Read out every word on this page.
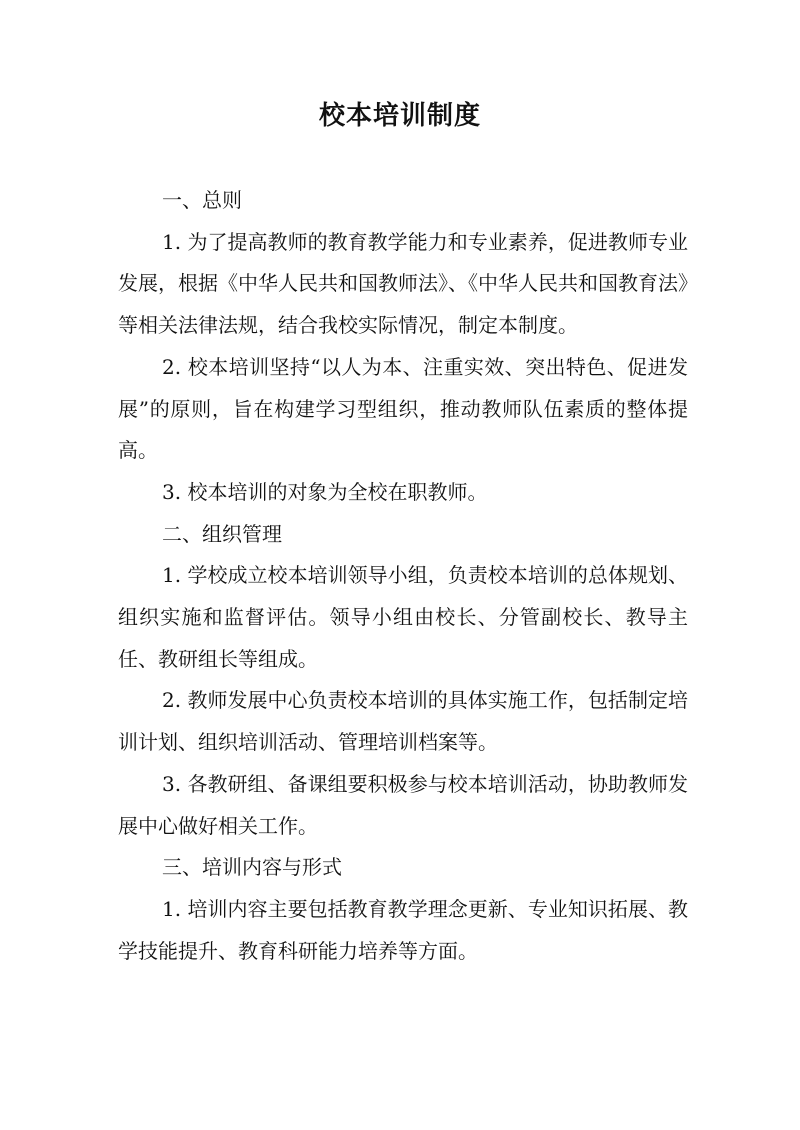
校本培训制度

一、总则

1. 为了提高教师的教育教学能力和专业素养，促进教师专业发展，根据《中华人民共和国教师法》、《中华人民共和国教育法》等相关法律法规，结合我校实际情况，制定本制度。

2. 校本培训坚持“以人为本、注重实效、突出特色、促进发展”的原则，旨在构建学习型组织，推动教师队伍素质的整体提高。

3. 校本培训的对象为全校在职教师。

二、组织管理

1. 学校成立校本培训领导小组，负责校本培训的总体规划、组织实施和监督评估。领导小组由校长、分管副校长、教导主任、教研组长等组成。

2. 教师发展中心负责校本培训的具体实施工作，包括制定培训计划、组织培训活动、管理培训档案等。

3. 各教研组、备课组要积极参与校本培训活动，协助教师发展中心做好相关工作。

三、培训内容与形式

1. 培训内容主要包括教育教学理念更新、专业知识拓展、教学技能提升、教育科研能力培养等方面。
